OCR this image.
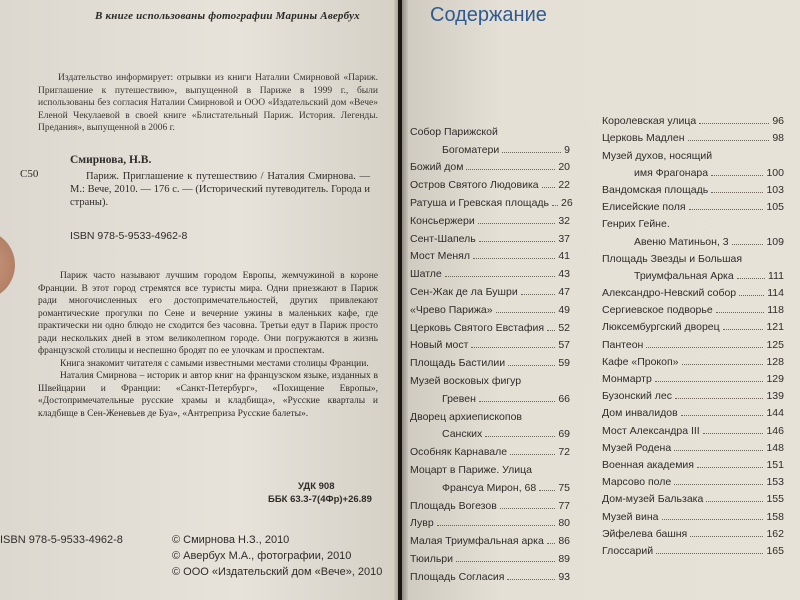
В книге использованы фотографии Марины Авербух
Издательство информирует: отрывки из книги Наталии Смирновой «Париж. Приглашение к путешествию», выпущенной в Париже в 1999 г., были использованы без согласия Наталии Смирновой и ООО «Издательский дом «Вече» Еленой Чекулаевой в своей книге «Блистательный Париж. История. Легенды. Предания», выпущенной в 2006 г.
С50
Смирнова, Н.В.
Париж. Приглашение к путешествию / Наталия Смирнова. — М.: Вече, 2010. — 176 с. — (Исторический путеводитель. Города и страны).
ISBN 978-5-9533-4962-8

Париж часто называют лучшим городом Европы, жемчужиной в короне Франции. В этот город стремятся все туристы мира. Одни приезжают в Париж ради многочисленных его достопримечательностей, других привлекают романтические прогулки по Сене и вечерние ужины в маленьких кафе, где практически ни одно блюдо не сходится без часовна. Третьи едут в Париж просто ради нескольких дней в этом великолепном городе. Они погружаются в жизнь французской столицы и неспешно бродят по ее улочкам и проспектам.

Книга знакомит читателя с самыми известными местами столицы Франции.

Наталия Смирнова – историк и автор книг на французском языке, изданных в Швейцарии и Франции: «Санкт-Петербург», «Похищение Европы», «Достопримечательные русские храмы и кладбища», «Русские кварталы и кладбище в Сен-Женевьев де Буа», «Антреприза Русские балеты».

УДК 908
ББК 63.3-7(4Фр)+26.89
ISBN 978-5-9533-4962-8	© Смирнова Н.З., 2010
© Авербух М.А., фотографии, 2010
© ООО «Издательский дом «Вече», 2010
Содержание
Собор Парижской
Богоматери	9
Божий дом	20
Остров Святого Людовика 22
Ратуша и Гревская площадь 26
Консьержери	32
Сент-Шапель	37
Мост Менял	41
Шатле	43
Сен-Жак де ла Бушри	47
«Чрево Парижа»	49
Церковь Святого Евстафия 52
Новый мост	57
Площадь Бастилии	59
Музей восковых фигур
Гревен	66
Дворец архиепископов
Санских	69
Особняк Карнавале	72
Моцарт в Париже. Улица
Франсуа Мирон, 68 75
Площадь Вогезов	77
Лувр	80
Малая Триумфальная арка 86
Тюильри	89
Площадь Согласия	93
Королевская улица	96
Церковь Мадлен	98
Музей духов, носящий
имя Фрагонара	100
Вандомская площадь	103
Елисейские поля	105
Генрих Гейне.
Авеню Матиньон, 3	109
Площадь Звезды и Большая
Триумфальная Арка	111
Александро-Невский собор	114
Сергиевское подворье	118
Люксембургский дворец	121
Пантеон	125
Кафе «Прокоп»	128
Монмартр	129
Бузонский лес	139
Дом инвалидов	144
Мост Александра III	146
Музей Родена	148
Военная академия	151
Марсово поле	153
Дом-музей Бальзака	155
Музей вина	158
Эйфелева башня	162
Глоссарий	165
